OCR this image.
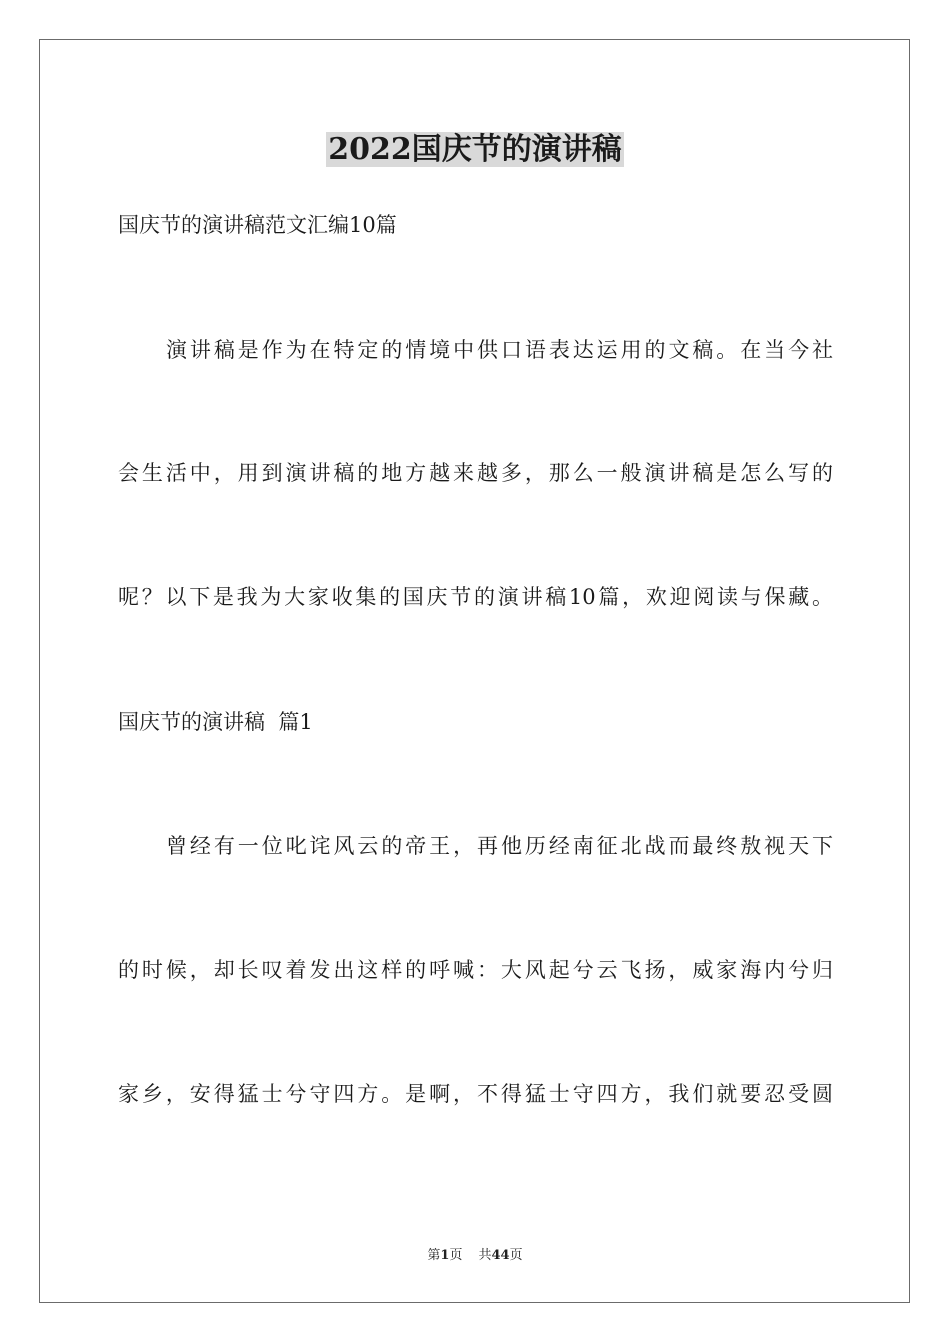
2022国庆节的演讲稿
国庆节的演讲稿范文汇编10篇
演讲稿是作为在特定的情境中供口语表达运用的文稿。在当今社
会生活中，用到演讲稿的地方越来越多，那么一般演讲稿是怎么写的
呢？以下是我为大家收集的国庆节的演讲稿10篇，欢迎阅读与保藏。
国庆节的演讲稿  篇1
曾经有一位叱诧风云的帝王，再他历经南征北战而最终敖视天下
的时候，却长叹着发出这样的呼喊：大风起兮云飞扬，威家海内兮归
家乡，安得猛士兮守四方。是啊，不得猛士守四方，我们就要忍受圆
第1页 共44页
